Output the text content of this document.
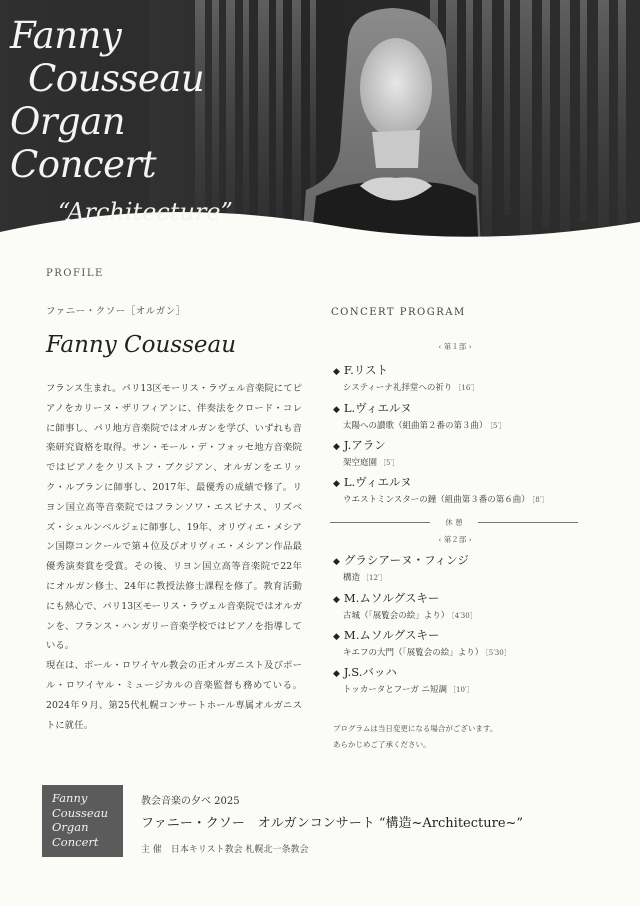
Fanny
Cousseau
Organ
Concert
“Architecture”
PROFILE
ファニー・クソー［オルガン］
Fanny Cousseau

フランス生まれ。パリ13区モーリス・ラヴェル音楽院にてピアノをカリーヌ・ザリフィアンに、伴奏法をクロード・コレに師事し、パリ地方音楽院ではオルガンを学び、いずれも音楽研究資格を取得。サン・モール・デ・フォッセ地方音楽院ではピアノをクリストフ・ブクジアン、オルガンをエリック・ルブランに師事し、2017年、最優秀の成績で修了。リヨン国立高等音楽院ではフランソワ・エスピナス、リズベズ・シュルンベルジェに師事し、19年、オリヴィエ・メシアン国際コンクールで第４位及びオリヴィエ・メシアン作品最優秀演奏賞を受賞。その後、リヨン国立高等音楽院で22年にオルガン修士、24年に教授法修士課程を修了。教育活動にも熱心で、パリ13区モーリス・ラヴェル音楽院ではオルガンを、フランス・ハンガリー音楽学校ではピアノを指導している。

現在は、ポール・ロワイヤル教会の正オルガニスト及びポール・ロワイヤル・ミュージカルの音楽監督も務めている。2024年９月、第25代札幌コンサートホール専属オルガニストに就任。

CONCERT PROGRAM
‹ 第１部 ›
◆ F.リスト
システィーナ礼拝堂への祈り ［16′］
◆ L.ヴィエルヌ
太陽への讃歌（組曲第２番の第３曲） ［5′］
◆ J.アラン
架空庭園 ［5′］
◆ L.ヴィエルヌ
ウエストミンスターの鐘（組曲第３番の第６曲） ［8′］
休 憩
‹ 第２部 ›
◆ グラシアーヌ・フィンジ
構造 ［12′］
◆ M.ムソルグスキー
古城（「展覧会の絵」より） ［4′30］
◆ M.ムソルグスキー
キエフの大門（「展覧会の絵」より） ［5′30］
◆ J.S.バッハ
トッカータとフーガ ニ短調 ［10′］
プログラムは当日変更になる場合がございます。
あらかじめご了承ください。
Fanny
Cousseau
Organ
Concert
教会音楽の夕べ 2025
ファニー・クソー　オルガンコンサート “構造~Architecture~”
主 催　日本キリスト教会 札幌北一条教会
